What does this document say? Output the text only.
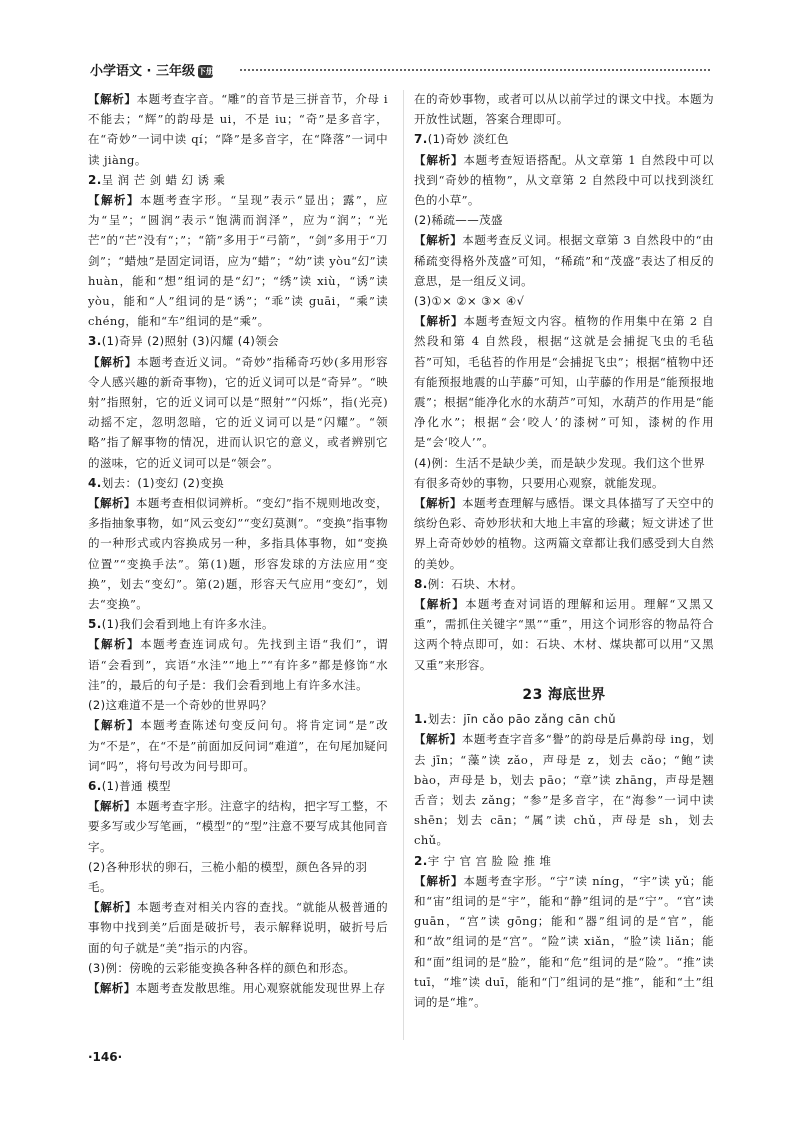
小学语文 · 三年级 下册

【解析】本题考查字音。“雕”的音节是三拼音节，介母 i 不能去；“辉”的韵母是 ui，不是 iu；“奇”是多音字，在“奇妙”一词中读 qí；“降”是多音字，在“降落”一词中读 jiàng。

2.呈 润 芒 剑 蜡 幻 诱 乘

【解析】本题考查字形。“呈现”表示“显出；露”，应为“呈”；“圆润”表示“饱满而润泽”，应为“润”；“光芒”的“芒”没有“；”；“箭”多用于“弓箭”，“剑”多用于“刀剑”；“蜡烛”是固定词语，应为“蜡”；“幼”读 yòu“幻”读 huàn，能和“想”组词的是“幻”；“绣”读 xiù，“诱”读 yòu，能和“人”组词的是“诱”；“乖”读 guāi，“乘”读 chéng，能和“车”组词的是“乘”。

3.(1)奇异 (2)照射 (3)闪耀 (4)领会

【解析】本题考查近义词。“奇妙”指稀奇巧妙(多用形容令人感兴趣的新奇事物)，它的近义词可以是“奇异”。“映射”指照射，它的近义词可以是“照射”“闪烁”，指(光亮)动摇不定，忽明忽暗，它的近义词可以是“闪耀”。“领略”指了解事物的情况，进而认识它的意义，或者辨别它的滋味，它的近义词可以是“领会”。

4.划去：(1)变幻 (2)变换

【解析】本题考查相似词辨析。“变幻”指不规则地改变，多指抽象事物，如“风云变幻”“变幻莫测”。“变换”指事物的一种形式或内容换成另一种，多指具体事物，如“变换位置”“变换手法”。第(1)题，形容发球的方法应用“变换”，划去“变幻”。第(2)题，形容天气应用“变幻”，划去“变换”。

5.(1)我们会看到地上有许多水洼。

【解析】本题考查连词成句。先找到主语“我们”，谓语“会看到”，宾语“水洼”“地上”“有许多”都是修饰“水洼”的，最后的句子是：我们会看到地上有许多水洼。

(2)这难道不是一个奇妙的世界吗？

【解析】本题考查陈述句变反问句。将肯定词“是”改为“不是”，在“不是”前面加反问词“难道”，在句尾加疑问词“吗”，将句号改为问号即可。

6.(1)普通 模型

【解析】本题考查字形。注意字的结构，把字写工整，不要多写或少写笔画，“模型”的“型”注意不要写成其他同音字。

(2)各种形状的卵石，三桅小船的模型，颜色各异的羽毛。

【解析】本题考查对相关内容的查找。“就能从极普通的事物中找到美”后面是破折号，表示解释说明，破折号后面的句子就是“美”指示的内容。

(3)例：傍晚的云彩能变换各种各样的颜色和形态。

【解析】本题考查发散思维。用心观察就能发现世界上存

在的奇妙事物，或者可以从以前学过的课文中找。本题为开放性试题，答案合理即可。

7.(1)奇妙 淡红色

【解析】本题考查短语搭配。从文章第 1 自然段中可以找到“奇妙的植物”，从文章第 2 自然段中可以找到淡红色的小草”。

(2)稀疏——茂盛

【解析】本题考查反义词。根据文章第 3 自然段中的“由稀疏变得格外茂盛”可知，“稀疏”和“茂盛”表达了相反的意思，是一组反义词。

(3)①× ②× ③× ④√

【解析】本题考查短文内容。植物的作用集中在第 2 自然段和第 4 自然段，根据“这就是会捕捉飞虫的毛毡苔”可知，毛毡苔的作用是“会捕捉飞虫”；根据“植物中还有能预报地震的山芋藤”可知，山芋藤的作用是“能预报地震”；根据“能净化水的水葫芦”可知，水葫芦的作用是“能净化水”；根据“会‘咬人’的漆树”可知，漆树的作用是“会‘咬人’”。

(4)例：生活不是缺少美，而是缺少发现。我们这个世界有很多奇妙的事物，只要用心观察，就能发现。

【解析】本题考查理解与感悟。课文具体描写了天空中的缤纷色彩、奇妙形状和大地上丰富的珍藏；短文讲述了世界上奇奇妙妙的植物。这两篇文章都让我们感受到大自然的美妙。

8.例：石块、木材。

【解析】本题考查对词语的理解和运用。理解“又黑又重”，需抓住关键字“黑”“重”，用这个词形容的物品符合这两个特点即可，如：石块、木材、煤块都可以用“又黑又重”来形容。

23 海底世界

1.划去：jīn cǎo pāo zǎng cān chǔ

【解析】本题考查字音多“譽”的韵母是后鼻韵母 ing，划去 jīn；“藻”读 zǎo，声母是 z，划去 cǎo；“鲍”读 bào，声母是 b，划去 pāo；“章”读 zhāng，声母是翘舌音；划去 zǎng；“参”是多音字，在“海参”一词中读 shēn；划去 cān；“属”读 chǔ，声母是 sh，划去 chǔ。

2.宇 宁 官 宫 脸 险 推 堆

【解析】本题考查字形。“宁”读 níng，“宇”读 yǔ；能和“宙”组词的是“宇”，能和“静”组词的是“宁”。“官”读 guān，“宫”读 gōng；能和“器”组词的是“官”，能和“故”组词的是“宫”。“险”读 xiǎn，“脸”读 liǎn；能和“面”组词的是“脸”，能和“危”组词的是“险”。“推”读 tuī，“堆”读 duī，能和“门”组词的是“推”，能和“土”组词的是“堆”。

·146·
